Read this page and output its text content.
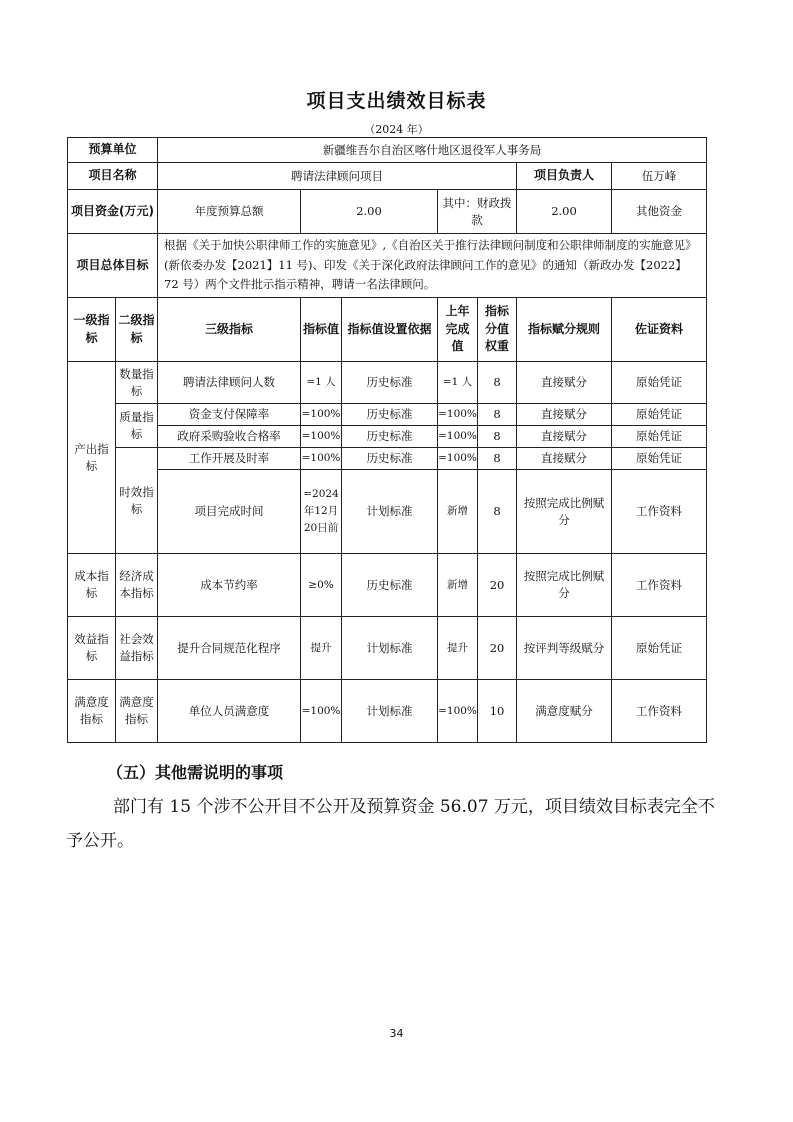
项目支出绩效目标表
（2024 年）
预算单位		新疆维吾尔自治区喀什地区退役军人事务局						
项目名称		聘请法律顾问项目					项目负责人	伍万峰
项目资金(万元)		年度预算总额	2.00		其中：财政拨款		2.00	其他资金
项目总体目标		根据《关于加快公职律师工作的实施意见》,《自治区关于推行法律顾问制度和公职律师制度的实施意见》(新依委办发【2021】11 号)、印发《关于深化政府法律顾问工作的意见》的通知（新政办发【2022】72 号）两个文件批示指示精神，聘请一名法律顾问。						
一级指标	二级指标	三级指标	指标值	指标值设置依据	上年完成值	指标分值权重	指标赋分规则	佐证资料
产出指标	数量指标	聘请法律顾问人数	=1 人	历史标准	=1 人	8	直接赋分	原始凭证
	质量指标	资金支付保障率	=100%	历史标准	=100%	8	直接赋分	原始凭证
		政府采购验收合格率	=100%	历史标准	=100%	8	直接赋分	原始凭证
	时效指标	工作开展及时率	=100%	历史标准	=100%	8	直接赋分	原始凭证
		项目完成时间	=2024年12月20日前	计划标准	新增	8	按照完成比例赋分	工作资料
成本指标	经济成本指标	成本节约率	≥0%	历史标准	新增	20	按照完成比例赋分	工作资料
效益指标	社会效益指标	提升合同规范化程序	提升	计划标准	提升	20	按评判等级赋分	原始凭证
满意度指标	满意度指标	单位人员满意度	=100%	计划标准	=100%	10	满意度赋分	工作资料
（五）其他需说明的事项
部门有 15 个涉不公开目不公开及预算资金 56.07 万元，项目绩效目标表完全不予公开。
34
